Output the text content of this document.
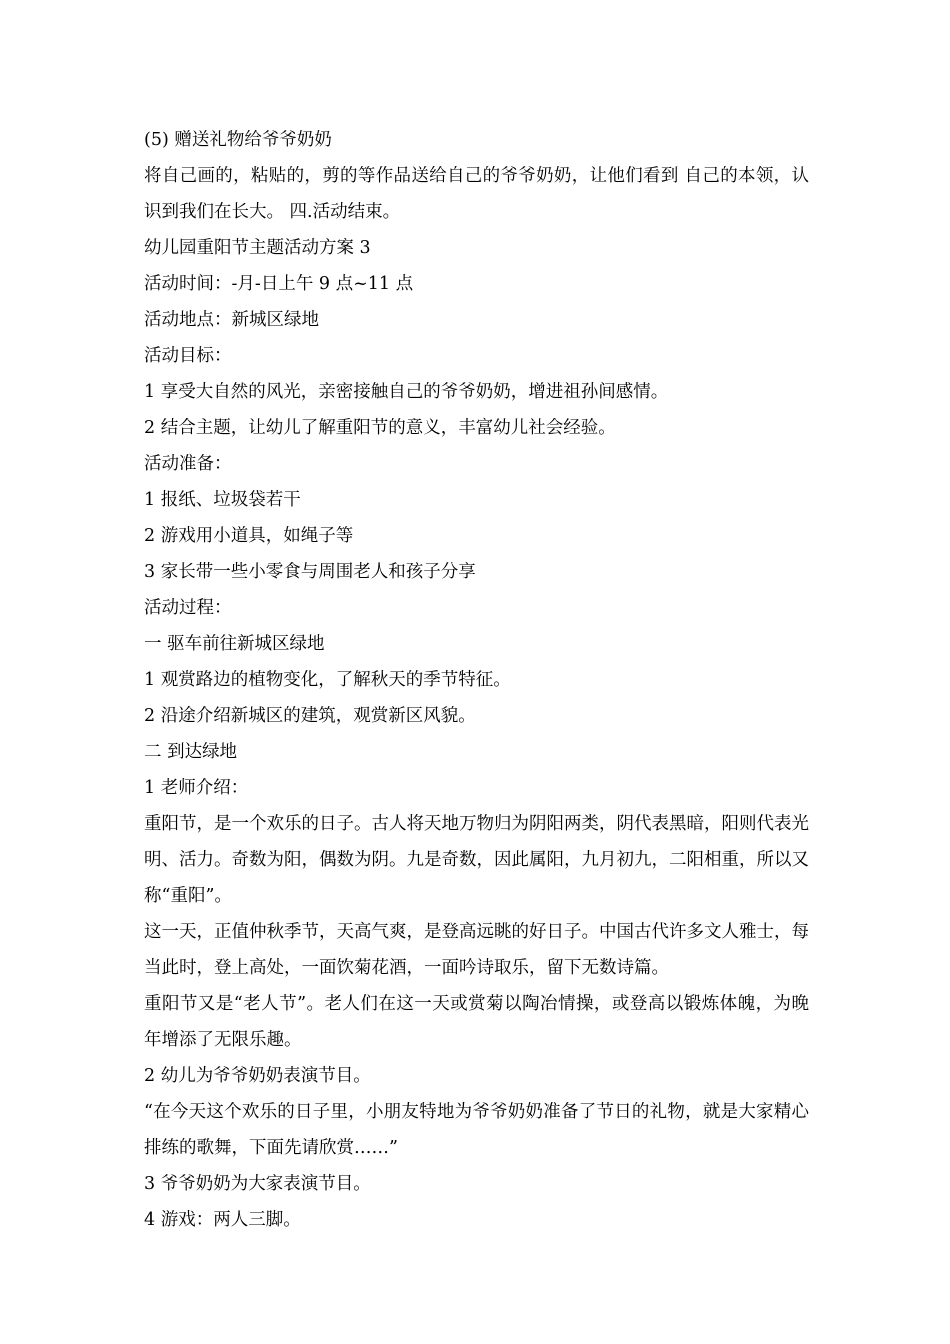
(5) 赠送礼物给爷爷奶奶
将自己画的，粘贴的，剪的等作品送给自己的爷爷奶奶，让他们看到 自己的本领，认识到我们在长大。 四.活动结束。
幼儿园重阳节主题活动方案 3
活动时间：-月-日上午 9 点~11 点
活动地点：新城区绿地
活动目标：
1 享受大自然的风光，亲密接触自己的爷爷奶奶，增进祖孙间感情。
2 结合主题，让幼儿了解重阳节的意义，丰富幼儿社会经验。
活动准备：
1 报纸、垃圾袋若干
2 游戏用小道具，如绳子等
3 家长带一些小零食与周围老人和孩子分享
活动过程：
一 驱车前往新城区绿地
1 观赏路边的植物变化，了解秋天的季节特征。
2 沿途介绍新城区的建筑，观赏新区风貌。
二 到达绿地
1 老师介绍：
重阳节，是一个欢乐的日子。古人将天地万物归为阴阳两类，阴代表黑暗，阳则代表光明、活力。奇数为阳，偶数为阴。九是奇数，因此属阳，九月初九，二阳相重，所以又称“重阳”。
这一天，正值仲秋季节，天高气爽，是登高远眺的好日子。中国古代许多文人雅士，每当此时，登上高处，一面饮菊花酒，一面吟诗取乐，留下无数诗篇。
重阳节又是“老人节”。老人们在这一天或赏菊以陶冶情操，或登高以锻炼体魄，为晚年增添了无限乐趣。
2 幼儿为爷爷奶奶表演节目。
“在今天这个欢乐的日子里，小朋友特地为爷爷奶奶准备了节日的礼物，就是大家精心排练的歌舞，下面先请欣赏……”
3 爷爷奶奶为大家表演节目。
4 游戏：两人三脚。
